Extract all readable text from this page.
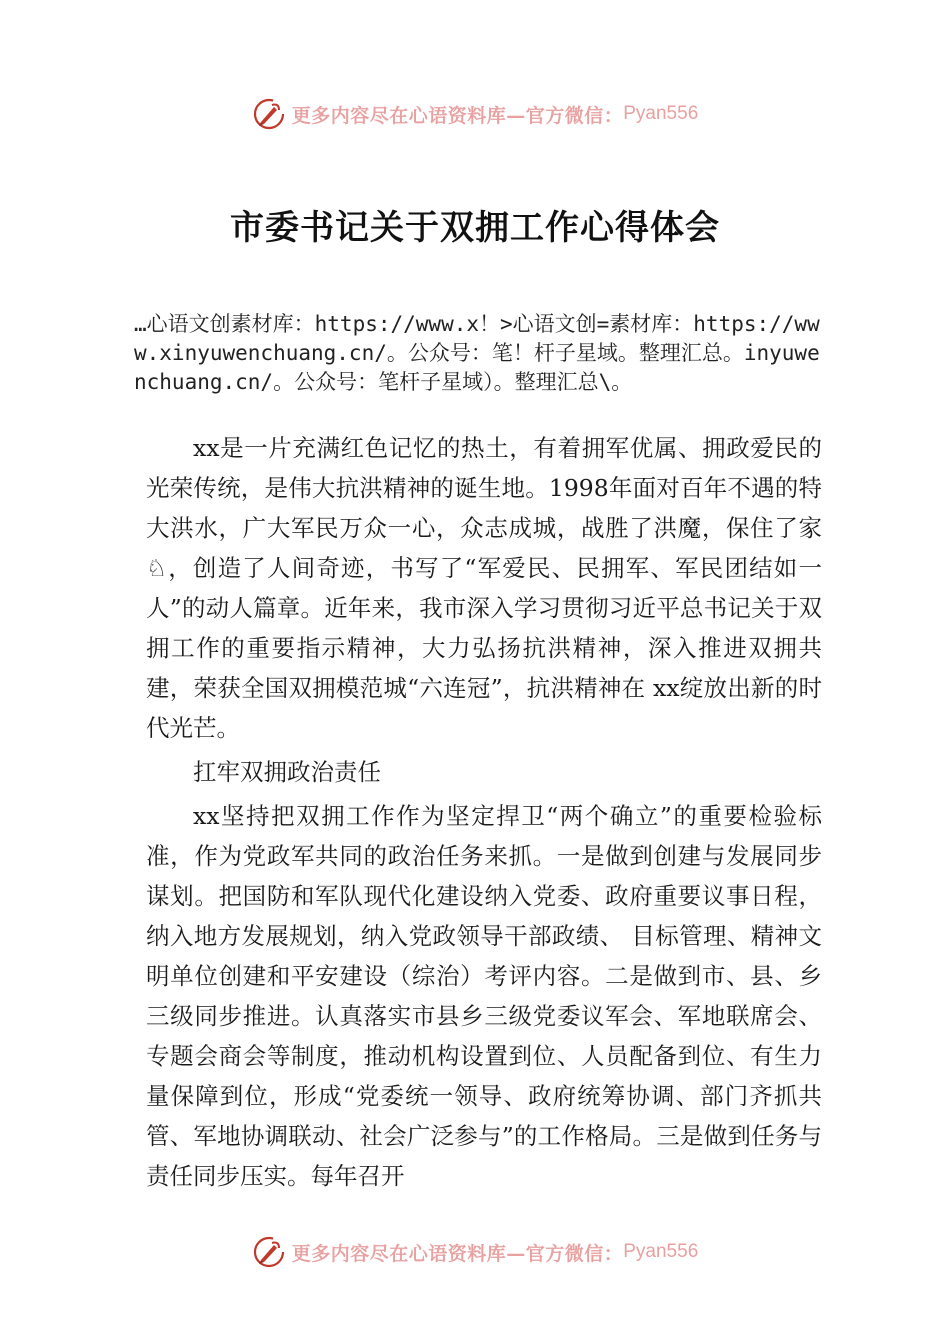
更多内容尽在心语资料库—官方微信： Pyan556
市委书记关于双拥工作心得体会

…心语文创素材库：https://www.x！>心语文创=素材库：https://www.xinyuwenchuang.cn/。公众号：笔！杆子星域。整理汇总。inyuwenchuang.cn/。公众号：笔杆子星域）。整理汇总\。

xx是一片充满红色记忆的热土，有着拥军优属、拥政爱民的光荣传统，是伟大抗洪精神的诞生地。1998年面对百年不遇的特大洪水，广大军民万众一心，众志成城，战胜了洪魔，保住了家♘，创造了人间奇迹，书写了“军爱民、民拥军、军民团结如一人”的动人篇章。近年来，我市深入学习贯彻习近平总书记关于双拥工作的重要指示精神，大力弘扬抗洪精神，深入推进双拥共建，荣获全国双拥模范城“六连冠”，抗洪精神在 xx绽放出新的时代光芒。

扛牢双拥政治责任

xx坚持把双拥工作作为坚定捍卫“两个确立”的重要检验标准，作为党政军共同的政治任务来抓。一是做到创建与发展同步谋划。把国防和军队现代化建设纳入党委、政府重要议事日程，纳入地方发展规划，纳入党政领导干部政绩、 目标管理、精神文明单位创建和平安建设（综治）考评内容。二是做到市、县、乡三级同步推进。认真落实市县乡三级党委议军会、军地联席会、专题会商会等制度，推动机构设置到位、人员配备到位、有生力量保障到位，形成“党委统一领导、政府统筹协调、部门齐抓共管、军地协调联动、社会广泛参与”的工作格局。三是做到任务与责任同步压实。每年召开

更多内容尽在心语资料库—官方微信： Pyan556
